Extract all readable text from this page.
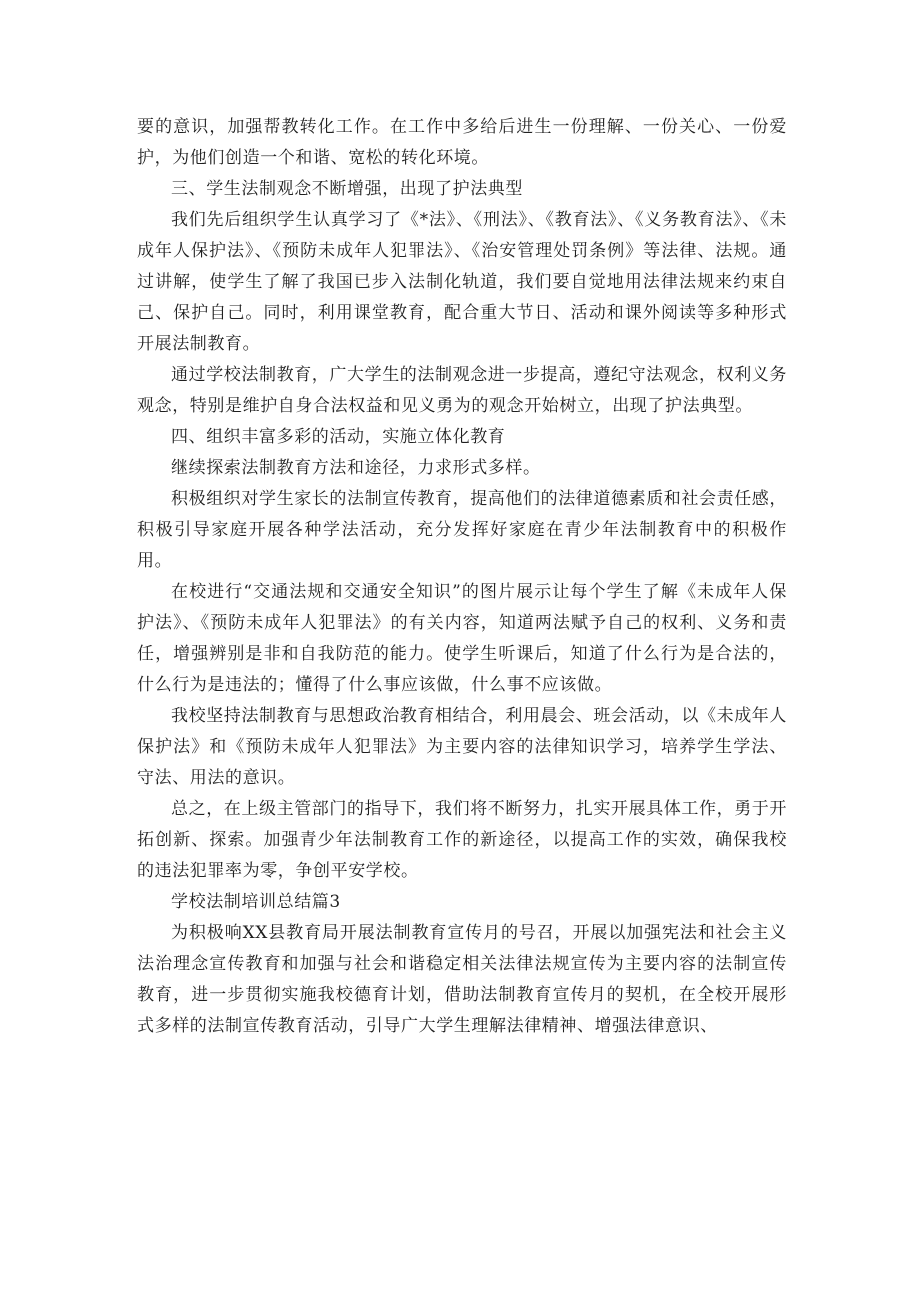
要的意识，加强帮教转化工作。在工作中多给后进生一份理解、一份关心、一份爱护，为他们创造一个和谐、宽松的转化环境。

三、学生法制观念不断增强，出现了护法典型

我们先后组织学生认真学习了《*法》、《刑法》、《教育法》、《义务教育法》、《未成年人保护法》、《预防未成年人犯罪法》、《治安管理处罚条例》等法律、法规。通过讲解，使学生了解了我国已步入法制化轨道，我们要自觉地用法律法规来约束自己、保护自己。同时，利用课堂教育，配合重大节日、活动和课外阅读等多种形式开展法制教育。

通过学校法制教育，广大学生的法制观念进一步提高，遵纪守法观念，权利义务观念，特别是维护自身合法权益和见义勇为的观念开始树立，出现了护法典型。

四、组织丰富多彩的活动，实施立体化教育

继续探索法制教育方法和途径，力求形式多样。

积极组织对学生家长的法制宣传教育，提高他们的法律道德素质和社会责任感，积极引导家庭开展各种学法活动，充分发挥好家庭在青少年法制教育中的积极作用。

在校进行“交通法规和交通安全知识”的图片展示让每个学生了解《未成年人保护法》、《预防未成年人犯罪法》的有关内容，知道两法赋予自己的权利、义务和责任，增强辨别是非和自我防范的能力。使学生听课后，知道了什么行为是合法的，什么行为是违法的；懂得了什么事应该做，什么事不应该做。

我校坚持法制教育与思想政治教育相结合，利用晨会、班会活动，以《未成年人保护法》和《预防未成年人犯罪法》为主要内容的法律知识学习，培养学生学法、守法、用法的意识。

总之，在上级主管部门的指导下，我们将不断努力，扎实开展具体工作，勇于开拓创新、探索。加强青少年法制教育工作的新途径，以提高工作的实效，确保我校的违法犯罪率为零，争创平安学校。

学校法制培训总结篇3

为积极响XX县教育局开展法制教育宣传月的号召，开展以加强宪法和社会主义法治理念宣传教育和加强与社会和谐稳定相关法律法规宣传为主要内容的法制宣传教育，进一步贯彻实施我校德育计划，借助法制教育宣传月的契机，在全校开展形式多样的法制宣传教育活动，引导广大学生理解法律精神、增强法律意识、
